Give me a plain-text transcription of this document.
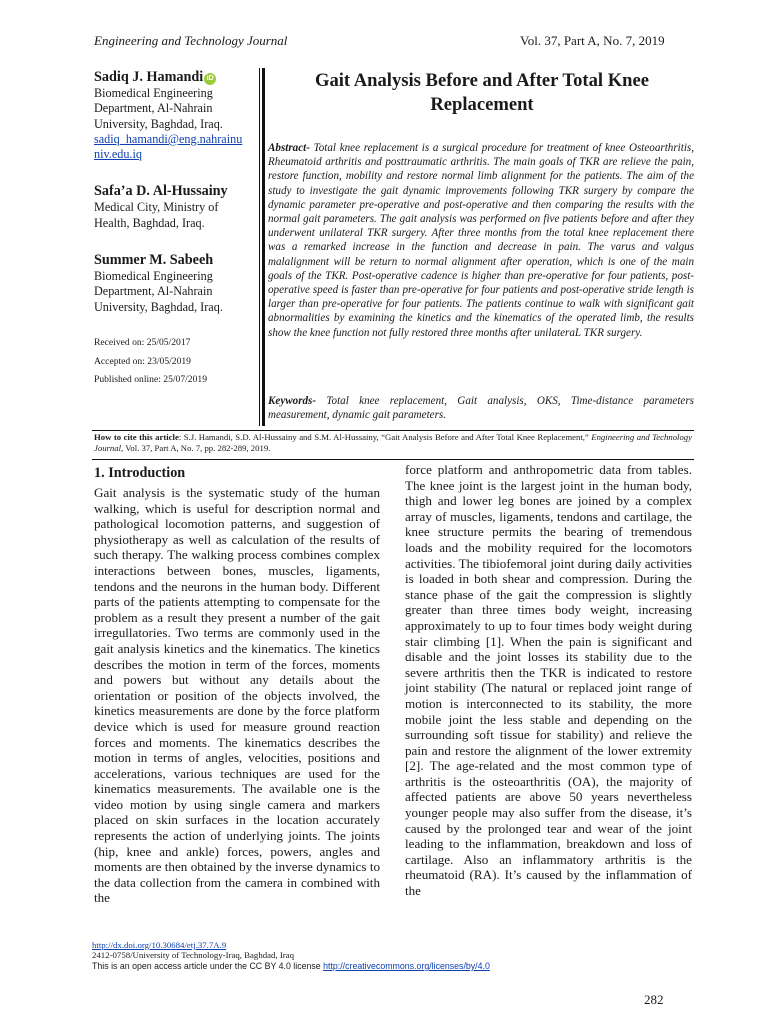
Engineering and Technology Journal	Vol. 37, Part A, No. 7, 2019
Sadiq J. Hamandi iD
Biomedical Engineering Department, Al-Nahrain University, Baghdad, Iraq.
sadiq_hamandi@eng.nahrainuniv.edu.iq
Safa’a D. Al-Hussainy
Medical City, Ministry of Health, Baghdad, Iraq.
Summer M. Sabeeh
Biomedical Engineering Department, Al-Nahrain University, Baghdad, Iraq.
Received on: 25/05/2017
Accepted on: 23/05/2019
Published online: 25/07/2019
Gait Analysis Before and After Total Knee Replacement
Abstract- Total knee replacement is a surgical procedure for treatment of knee Osteoarthritis, Rheumatoid arthritis and posttraumatic arthritis. The main goals of TKR are relieve the pain, restore function, mobility and restore normal limb alignment for the patients. The aim of the study to investigate the gait dynamic improvements following TKR surgery by compare the dynamic parameter pre-operative and post-operative and then comparing the results with the normal gait parameters. The gait analysis was performed on five patients before and after they underwent unilateral TKR surgery. After three months from the total knee replacement there was a remarked increase in the function and decrease in pain. The varus and valgus malalignment will be return to normal alignment after operation, which is one of the main goals of the TKR. Post-operative cadence is higher than pre-operative for four patients, post-operative speed is faster than pre-operative for four patients and post-operative stride length is larger than pre-operative for four patients. The patients continue to walk with significant gait abnormalities by examining the kinetics and the kinematics of the operated limb, the results show the knee function not fully restored three months after unilateraL TKR surgery.
Keywords- Total knee replacement, Gait analysis, OKS, Time-distance parameters measurement, dynamic gait parameters.
How to cite this article: S.J. Hamandi, S.D. Al-Hussainy and S.M. Al-Hussainy, “Gait Analysis Before and After Total Knee Replacement,” Engineering and Technology Journal, Vol. 37, Part A, No. 7, pp. 282-289, 2019.
1. Introduction
Gait analysis is the systematic study of the human walking, which is useful for description normal and pathological locomotion patterns, and suggestion of physiotherapy as well as calculation of the results of such therapy. The walking process combines complex interactions between bones, muscles, ligaments, tendons and the neurons in the human body. Different parts of the patients attempting to compensate for the problem as a result they present a number of the gait irregullatories. Two terms are commonly used in the gait analysis kinetics and the kinematics. The kinetics describes the motion in term of the forces, moments and powers but without any details about the orientation or position of the objects involved, the kinetics measurements are done by the force platform device which is used for measure ground reaction forces and moments. The kinematics describes the motion in terms of angles, velocities, positions and accelerations, various techniques are used for the kinematics measurements. The available one is the video motion by using single camera and markers placed on skin surfaces in the location accurately represents the action of underlying joints. The joints (hip, knee and ankle) forces, powers, angles and moments are then obtained by the inverse dynamics to the data collection from the camera in combined with the
force platform and anthropometric data from tables. The knee joint is the largest joint in the human body, thigh and lower leg bones are joined by a complex array of muscles, ligaments, tendons and cartilage, the knee structure permits the bearing of tremendous loads and the mobility required for the locomotors activities. The tibiofemoral joint during daily activities is loaded in both shear and compression. During the stance phase of the gait the compression is slightly greater than three times body weight, increasing approximately to up to four times body weight during stair climbing [1]. When the pain is significant and disable and the joint losses its stability due to the severe arthritis then the TKR is indicated to restore joint stability (The natural or replaced joint range of motion is interconnected to its stability, the more mobile joint the less stable and depending on the surrounding soft tissue for stability) and relieve the pain and restore the alignment of the lower extremity [2]. The age-related and the most common type of arthritis is the osteoarthritis (OA), the majority of affected patients are above 50 years nevertheless younger people may also suffer from the disease, it’s caused by the prolonged tear and wear of the joint leading to the inflammation, breakdown and loss of cartilage. Also an inflammatory arthritis is the rheumatoid (RA). It’s caused by the inflammation of the
http://dx.doi.org/10.30684/etj.37.7A.9
2412-0758/University of Technology-Iraq, Baghdad, Iraq
This is an open access article under the CC BY 4.0 license http://creativecommons.org/licenses/by/4.0
282
